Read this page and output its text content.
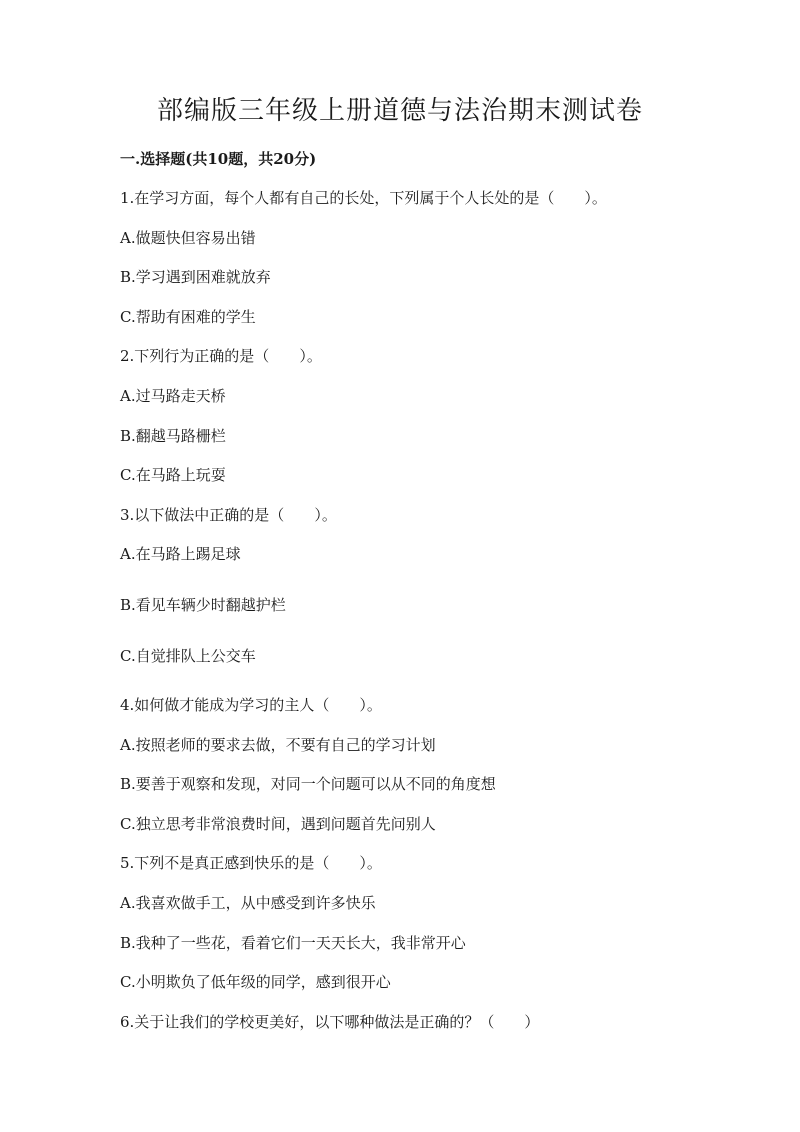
部编版三年级上册道德与法治期末测试卷
一.选择题(共10题，共20分)
1.在学习方面，每个人都有自己的长处，下列属于个人长处的是（　　）。
A.做题快但容易出错
B.学习遇到困难就放弃
C.帮助有困难的学生
2.下列行为正确的是（　　）。
A.过马路走天桥
B.翻越马路栅栏
C.在马路上玩耍
3.以下做法中正确的是（　　）。
A.在马路上踢足球
B.看见车辆少时翻越护栏
C.自觉排队上公交车
4.如何做才能成为学习的主人（　　）。
A.按照老师的要求去做，不要有自己的学习计划
B.要善于观察和发现，对同一个问题可以从不同的角度想
C.独立思考非常浪费时间，遇到问题首先问别人
5.下列不是真正感到快乐的是（　　）。
A.我喜欢做手工，从中感受到许多快乐
B.我种了一些花，看着它们一天天长大，我非常开心
C.小明欺负了低年级的同学，感到很开心
6.关于让我们的学校更美好，以下哪种做法是正确的？（　　）
